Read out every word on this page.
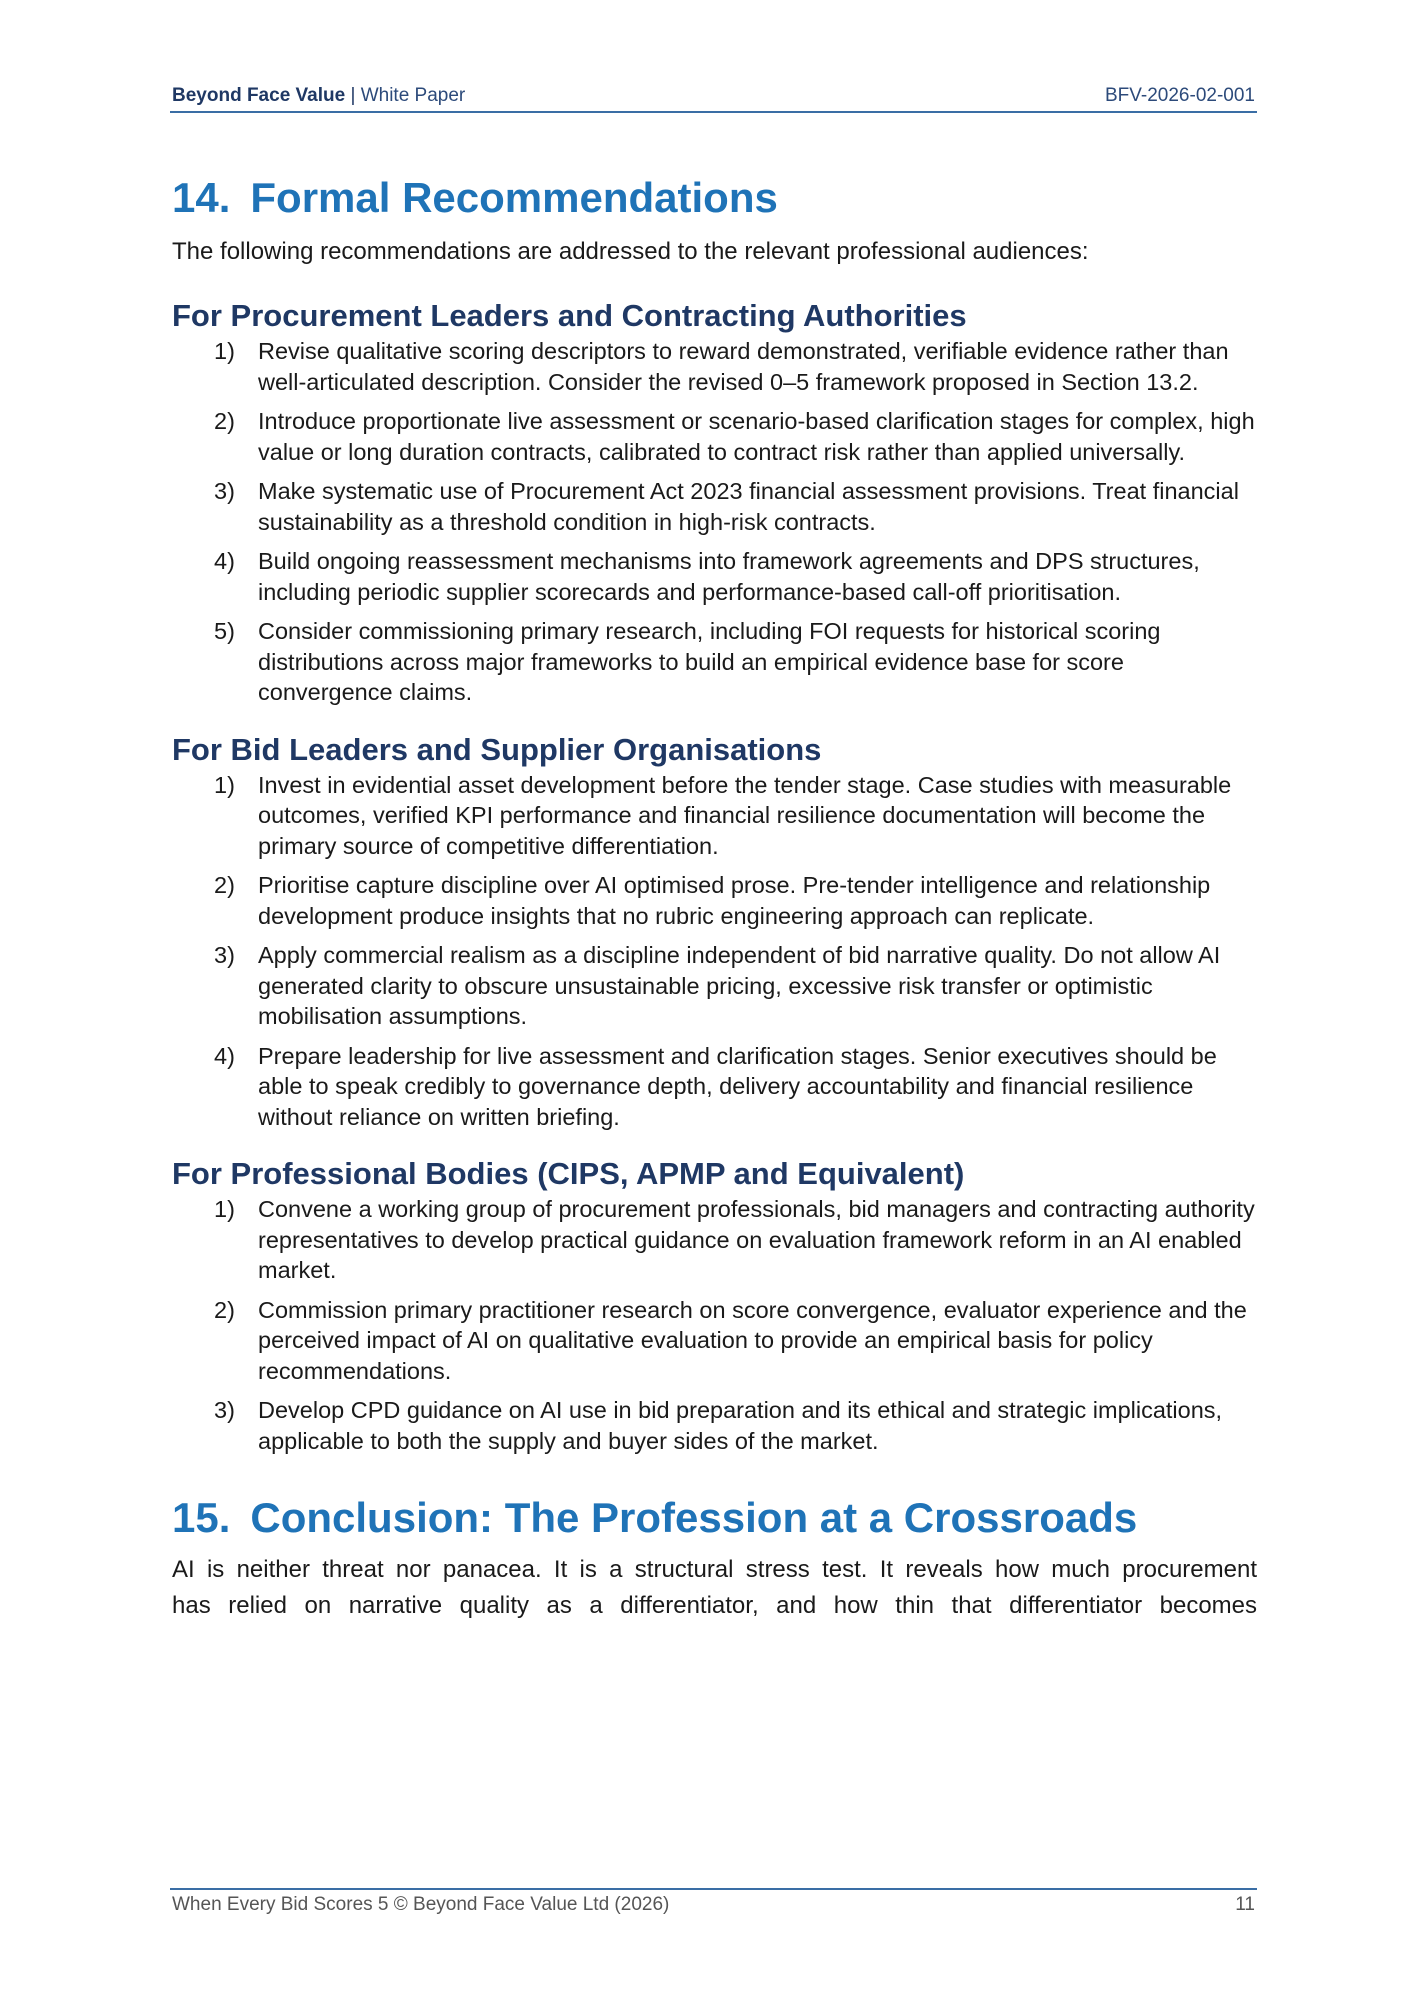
Beyond Face Value | White Paper	BFV-2026-02-001
14. Formal Recommendations

The following recommendations are addressed to the relevant professional audiences:

For Procurement Leaders and Contracting Authorities
1) Revise qualitative scoring descriptors to reward demonstrated, verifiable evidence rather than well-articulated description. Consider the revised 0–5 framework proposed in Section 13.2.
2) Introduce proportionate live assessment or scenario-based clarification stages for complex, high value or long duration contracts, calibrated to contract risk rather than applied universally.
3) Make systematic use of Procurement Act 2023 financial assessment provisions. Treat financial sustainability as a threshold condition in high-risk contracts.
4) Build ongoing reassessment mechanisms into framework agreements and DPS structures, including periodic supplier scorecards and performance-based call-off prioritisation.
5) Consider commissioning primary research, including FOI requests for historical scoring distributions across major frameworks to build an empirical evidence base for score convergence claims.
For Bid Leaders and Supplier Organisations
1) Invest in evidential asset development before the tender stage. Case studies with measurable outcomes, verified KPI performance and financial resilience documentation will become the primary source of competitive differentiation.
2) Prioritise capture discipline over AI optimised prose. Pre-tender intelligence and relationship development produce insights that no rubric engineering approach can replicate.
3) Apply commercial realism as a discipline independent of bid narrative quality. Do not allow AI generated clarity to obscure unsustainable pricing, excessive risk transfer or optimistic mobilisation assumptions.
4) Prepare leadership for live assessment and clarification stages. Senior executives should be able to speak credibly to governance depth, delivery accountability and financial resilience without reliance on written briefing.
For Professional Bodies (CIPS, APMP and Equivalent)
1) Convene a working group of procurement professionals, bid managers and contracting authority representatives to develop practical guidance on evaluation framework reform in an AI enabled market.
2) Commission primary practitioner research on score convergence, evaluator experience and the perceived impact of AI on qualitative evaluation to provide an empirical basis for policy recommendations.
3) Develop CPD guidance on AI use in bid preparation and its ethical and strategic implications, applicable to both the supply and buyer sides of the market.
15. Conclusion: The Profession at a Crossroads

AI is neither threat nor panacea. It is a structural stress test. It reveals how much procurement

has relied on narrative quality as a differentiator, and how thin that differentiator becomes

When Every Bid Scores 5 © Beyond Face Value Ltd (2026)	11
